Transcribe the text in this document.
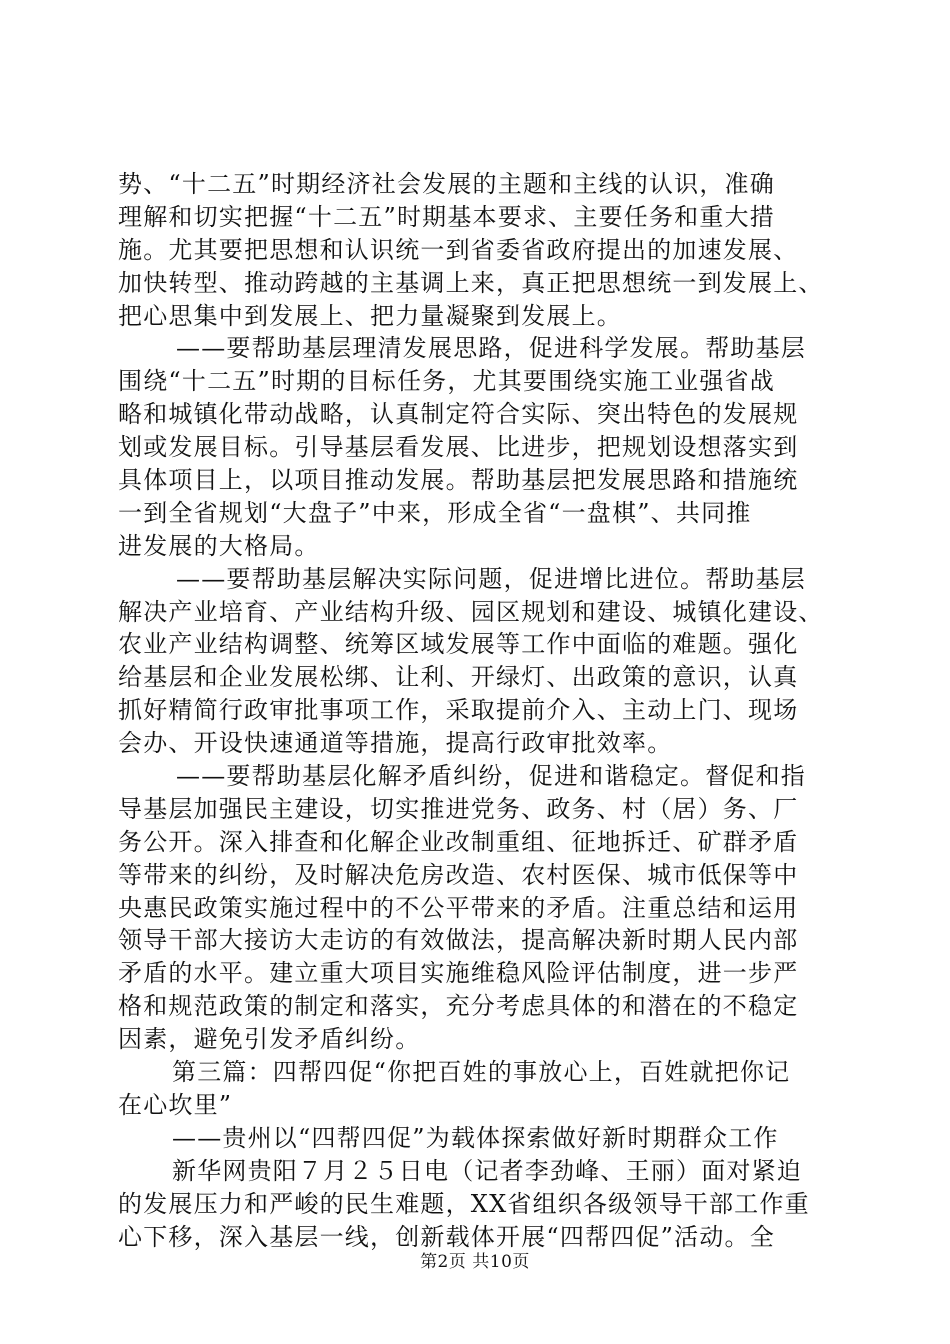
势、“十二五”时期经济社会发展的主题和主线的认识，准确
理解和切实把握“十二五”时期基本要求、主要任务和重大措
施。尤其要把思想和认识统一到省委省政府提出的加速发展、
加快转型、推动跨越的主基调上来，真正把思想统一到发展上、
把心思集中到发展上、把力量凝聚到发展上。
——要帮助基层理清发展思路，促进科学发展。帮助基层
围绕“十二五”时期的目标任务，尤其要围绕实施工业强省战
略和城镇化带动战略，认真制定符合实际、突出特色的发展规
划或发展目标。引导基层看发展、比进步，把规划设想落实到
具体项目上，以项目推动发展。帮助基层把发展思路和措施统
一到全省规划“大盘子”中来，形成全省“一盘棋”、共同推
进发展的大格局。
——要帮助基层解决实际问题，促进增比进位。帮助基层
解决产业培育、产业结构升级、园区规划和建设、城镇化建设、
农业产业结构调整、统筹区域发展等工作中面临的难题。强化
给基层和企业发展松绑、让利、开绿灯、出政策的意识，认真
抓好精简行政审批事项工作，采取提前介入、主动上门、现场
会办、开设快速通道等措施，提高行政审批效率。
——要帮助基层化解矛盾纠纷，促进和谐稳定。督促和指
导基层加强民主建设，切实推进党务、政务、村（居）务、厂
务公开。深入排查和化解企业改制重组、征地拆迁、矿群矛盾
等带来的纠纷，及时解决危房改造、农村医保、城市低保等中
央惠民政策实施过程中的不公平带来的矛盾。注重总结和运用
领导干部大接访大走访的有效做法，提高解决新时期人民内部
矛盾的水平。建立重大项目实施维稳风险评估制度，进一步严
格和规范政策的制定和落实，充分考虑具体的和潜在的不稳定
因素，避免引发矛盾纠纷。
第三篇：四帮四促“你把百姓的事放心上，百姓就把你记
在心坎里”
——贵州以“四帮四促”为载体探索做好新时期群众工作
新华网贵阳７月２５日电（记者李劲峰、王丽）面对紧迫
的发展压力和严峻的民生难题，XX省组织各级领导干部工作重
心下移，深入基层一线，创新载体开展“四帮四促”活动。全
第2页 共10页
